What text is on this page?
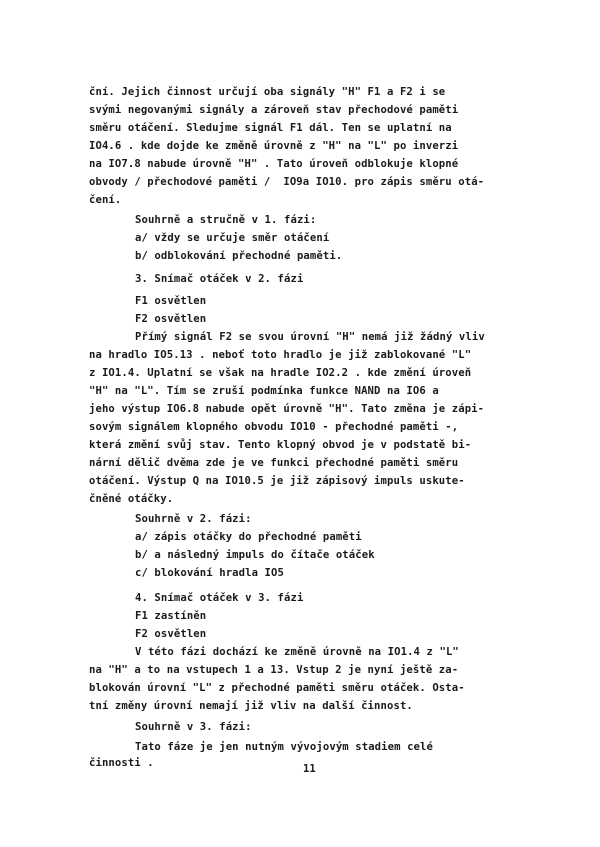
ční. Jejich činnost určují oba signály "H" F1 a F2 i se
svými negovanými signály a zároveň stav přechodové paměti
směru otáčení. Sledujme signál F1 dál. Ten se uplatní na
IO4.6 . kde dojde ke změně úrovně z "H" na "L" po inverzi
na IO7.8 nabude úrovně "H" . Tato úroveň odblokuje klopné
obvody / přechodové paměti /  IO9a IO10. pro zápis směru otá-
čení.
Souhrně a stručně v 1. fázi:
a/ vždy se určuje směr otáčení
b/ odblokování přechodné paměti.
3. Snímač otáček v 2. fázi
F1 osvětlen
F2 osvětlen
Přímý signál F2 se svou úrovní "H" nemá již žádný vliv
na hradlo IO5.13 . neboť toto hradlo je již zablokované "L"
z IO1.4. Uplatní se však na hradle IO2.2 . kde změní úroveň
"H" na "L". Tím se zruší podmínka funkce NAND na IO6 a
jeho výstup IO6.8 nabude opět úrovně "H". Tato změna je zápi-
sovým signálem klopného obvodu IO10 - přechodné paměti -,
která změní svůj stav. Tento klopný obvod je v podstatě bi-
nární dělič dvěma zde je ve funkci přechodné paměti směru
otáčení. Výstup Q na IO10.5 je již zápisový impuls uskute-
čněné otáčky.
Souhrně v 2. fázi:
a/ zápis otáčky do přechodné paměti
b/ a následný impuls do čítače otáček
c/ blokování hradla IO5
4. Snímač otáček v 3. fázi
F1 zastíněn
F2 osvětlen
V této fázi dochází ke změně úrovně na IO1.4 z "L"
na "H" a to na vstupech 1 a 13. Vstup 2 je nyní ještě za-
blokován úrovní "L" z přechodné paměti směru otáček. Osta-
tní změny úrovní nemají již vliv na další činnost.
Souhrně v 3. fázi:
Tato fáze je jen nutným vývojovým stadiem celé
činnosti .	11
